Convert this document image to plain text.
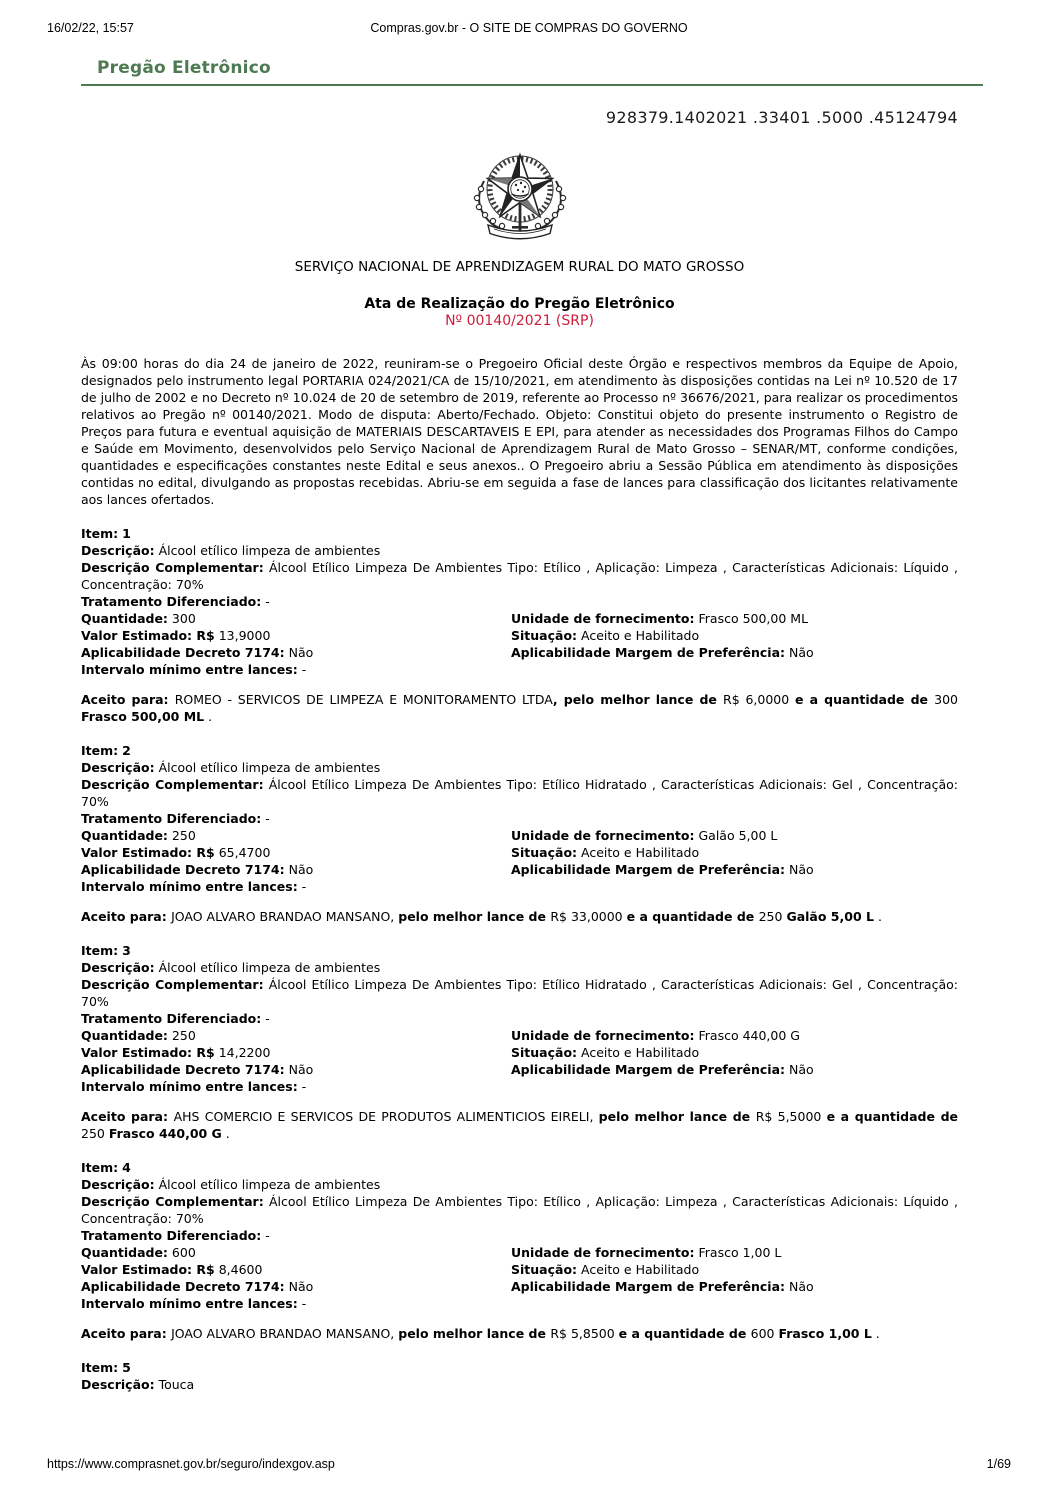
Compras.gov.br - O SITE DE COMPRAS DO GOVERNO
16/02/22, 15:57
Pregão Eletrônico
928379.1402021 .33401 .5000 .45124794
SERVIÇO NACIONAL DE APRENDIZAGEM RURAL DO MATO GROSSO
Ata de Realização do Pregão Eletrônico
Nº 00140/2021 (SRP)

Às 09:00 horas do dia 24 de janeiro de 2022, reuniram-se o Pregoeiro Oficial deste Órgão e respectivos membros da Equipe de Apoio, designados pelo instrumento legal PORTARIA 024/2021/CA de 15/10/2021, em atendimento às disposições contidas na Lei nº 10.520 de 17 de julho de 2002 e no Decreto nº 10.024 de 20 de setembro de 2019, referente ao Processo nº 36676/2021, para realizar os procedimentos relativos ao Pregão nº 00140/2021. Modo de disputa: Aberto/Fechado. Objeto: Constitui objeto do presente instrumento o Registro de Preços para futura e eventual aquisição de MATERIAIS DESCARTAVEIS E EPI, para atender as necessidades dos Programas Filhos do Campo e Saúde em Movimento, desenvolvidos pelo Serviço Nacional de Aprendizagem Rural de Mato Grosso – SENAR/MT, conforme condições, quantidades e especificações constantes neste Edital e seus anexos.. O Pregoeiro abriu a Sessão Pública em atendimento às disposições contidas no edital, divulgando as propostas recebidas. Abriu-se em seguida a fase de lances para classificação dos licitantes relativamente aos lances ofertados.

Item: 1
Descrição: Álcool etílico limpeza de ambientes
Descrição Complementar: Álcool Etílico Limpeza De Ambientes Tipo: Etílico , Aplicação: Limpeza , Características Adicionais: Líquido , Concentração: 70%
Tratamento Diferenciado: -
Quantidade: 300	Unidade de fornecimento: Frasco 500,00 ML
Valor Estimado: R$ 13,9000	Situação: Aceito e Habilitado
Aplicabilidade Decreto 7174: Não	Aplicabilidade Margem de Preferência: Não
Intervalo mínimo entre lances: -
Aceito para: ROMEO - SERVICOS DE LIMPEZA E MONITORAMENTO LTDA, pelo melhor lance de R$ 6,0000 e a quantidade de 300 Frasco 500,00 ML .
Item: 2
Descrição: Álcool etílico limpeza de ambientes
Descrição Complementar: Álcool Etílico Limpeza De Ambientes Tipo: Etílico Hidratado , Características Adicionais: Gel , Concentração: 70%
Tratamento Diferenciado: -
Quantidade: 250	Unidade de fornecimento: Galão 5,00 L
Valor Estimado: R$ 65,4700	Situação: Aceito e Habilitado
Aplicabilidade Decreto 7174: Não	Aplicabilidade Margem de Preferência: Não
Intervalo mínimo entre lances: -
Aceito para: JOAO ALVARO BRANDAO MANSANO, pelo melhor lance de R$ 33,0000 e a quantidade de 250 Galão 5,00 L .
Item: 3
Descrição: Álcool etílico limpeza de ambientes
Descrição Complementar: Álcool Etílico Limpeza De Ambientes Tipo: Etílico Hidratado , Características Adicionais: Gel , Concentração: 70%
Tratamento Diferenciado: -
Quantidade: 250	Unidade de fornecimento: Frasco 440,00 G
Valor Estimado: R$ 14,2200	Situação: Aceito e Habilitado
Aplicabilidade Decreto 7174: Não	Aplicabilidade Margem de Preferência: Não
Intervalo mínimo entre lances: -
Aceito para: AHS COMERCIO E SERVICOS DE PRODUTOS ALIMENTICIOS EIRELI, pelo melhor lance de R$ 5,5000 e a quantidade de 250 Frasco 440,00 G .
Item: 4
Descrição: Álcool etílico limpeza de ambientes
Descrição Complementar: Álcool Etílico Limpeza De Ambientes Tipo: Etílico , Aplicação: Limpeza , Características Adicionais: Líquido , Concentração: 70%
Tratamento Diferenciado: -
Quantidade: 600	Unidade de fornecimento: Frasco 1,00 L
Valor Estimado: R$ 8,4600	Situação: Aceito e Habilitado
Aplicabilidade Decreto 7174: Não	Aplicabilidade Margem de Preferência: Não
Intervalo mínimo entre lances: -
Aceito para: JOAO ALVARO BRANDAO MANSANO, pelo melhor lance de R$ 5,8500 e a quantidade de 600 Frasco 1,00 L .
Item: 5
Descrição: Touca
https://www.comprasnet.gov.br/seguro/indexgov.asp	1/69
